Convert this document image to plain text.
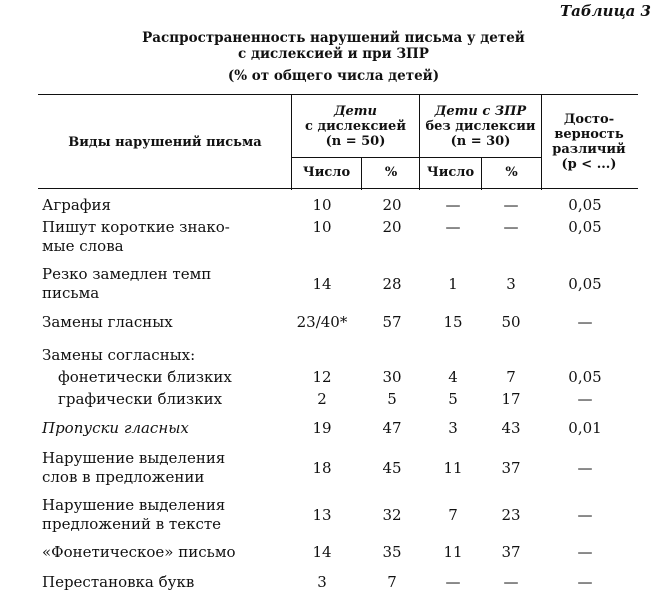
Таблица 3
Распространенность нарушений письма у детей
с дислексией и при ЗПР
(% от общего числа детей)
Виды нарушений письма
Дети
с дислексией
(n = 50)
Дети с ЗПР
без дислексии
(n = 30)
Досто-
верность
различий
(p < ...)
Число	%	Число	%
Аграфия	10	20	—	—	0,05
Пишут короткие знако-
мые слова
10	20	—	—	0,05
Резко замедлен темп
письма	14	28	1	3	0,05
Замены гласных	23/40*	57	15	50	—
Замены согласных:
фонетически близких	12	30	4	7	0,05
графически близких	2	5	5	17	—
Пропуски гласных	19	47	3	43	0,01
Нарушение выделения
слов в предложении	18	45	11	37	—
Нарушение выделения
предложений в тексте	13	32	7	23	—
«Фонетическое» письмо	14	35	11	37	—
Перестановка букв	3	7	—	—	—
